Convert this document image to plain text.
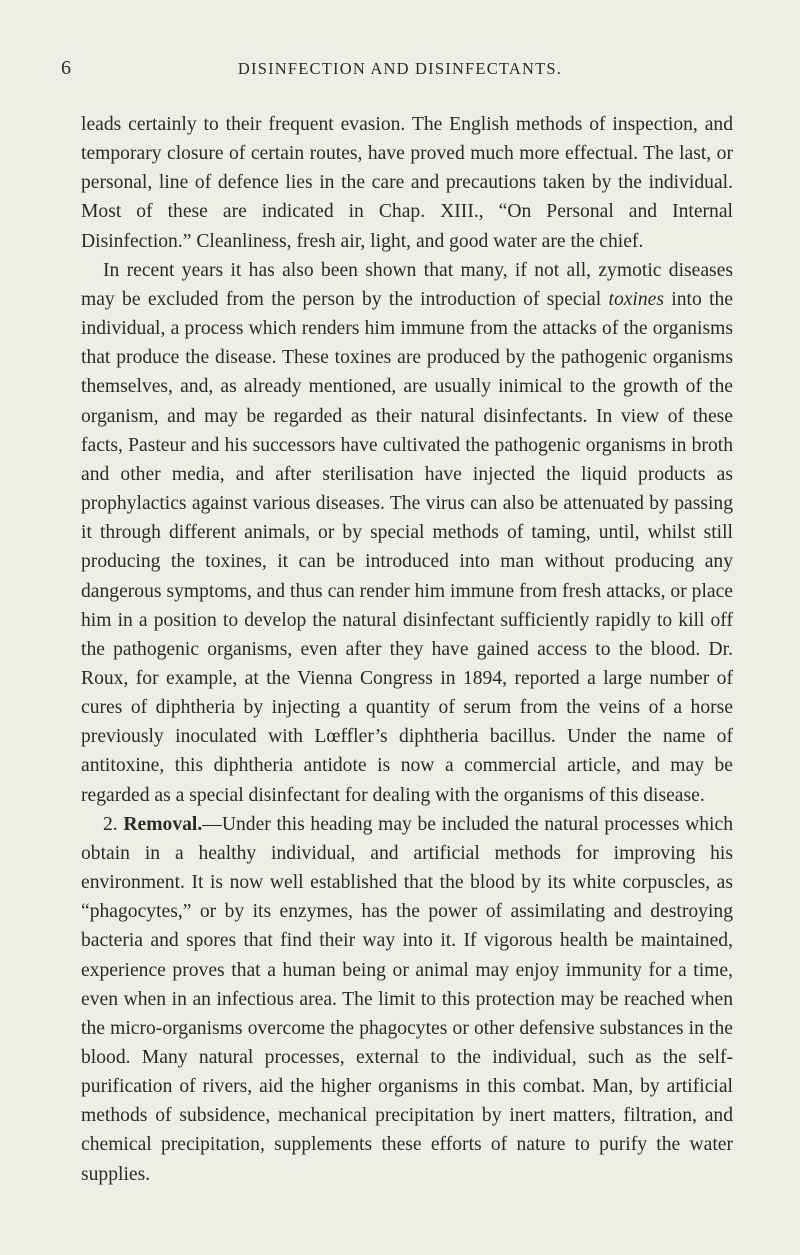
6	DISINFECTION AND DISINFECTANTS.

leads certainly to their frequent evasion. The English methods of inspection, and temporary closure of certain routes, have proved much more effectual. The last, or personal, line of defence lies in the care and precautions taken by the individual. Most of these are indicated in Chap. XIII., “On Personal and Internal Disinfection.” Cleanliness, fresh air, light, and good water are the chief.

In recent years it has also been shown that many, if not all, zymotic diseases may be excluded from the person by the introduction of special toxines into the individual, a process which renders him immune from the attacks of the organisms that produce the disease. These toxines are produced by the pathogenic organisms themselves, and, as already mentioned, are usually inimical to the growth of the organism, and may be regarded as their natural disinfectants. In view of these facts, Pasteur and his successors have cultivated the pathogenic organisms in broth and other media, and after sterilisation have injected the liquid products as prophylactics against various diseases. The virus can also be attenuated by passing it through different animals, or by special methods of taming, until, whilst still producing the toxines, it can be introduced into man without producing any dangerous symptoms, and thus can render him immune from fresh attacks, or place him in a position to develop the natural disinfectant sufficiently rapidly to kill off the pathogenic organisms, even after they have gained access to the blood. Dr. Roux, for example, at the Vienna Congress in 1894, reported a large number of cures of diphtheria by injecting a quantity of serum from the veins of a horse previously inoculated with Lœffler’s diphtheria bacillus. Under the name of antitoxine, this diphtheria antidote is now a commercial article, and may be regarded as a special disinfectant for dealing with the organisms of this disease.

2. Removal.—Under this heading may be included the natural processes which obtain in a healthy individual, and artificial methods for improving his environment. It is now well established that the blood by its white corpuscles, as “phagocytes,” or by its enzymes, has the power of assimilating and destroying bacteria and spores that find their way into it. If vigorous health be maintained, experience proves that a human being or animal may enjoy immunity for a time, even when in an infectious area. The limit to this protection may be reached when the micro-organisms overcome the phagocytes or other defensive substances in the blood. Many natural processes, external to the individual, such as the self-purification of rivers, aid the higher organisms in this combat. Man, by artificial methods of subsidence, mechanical precipitation by inert matters, filtration, and chemical precipitation, supplements these efforts of nature to purify the water supplies.
